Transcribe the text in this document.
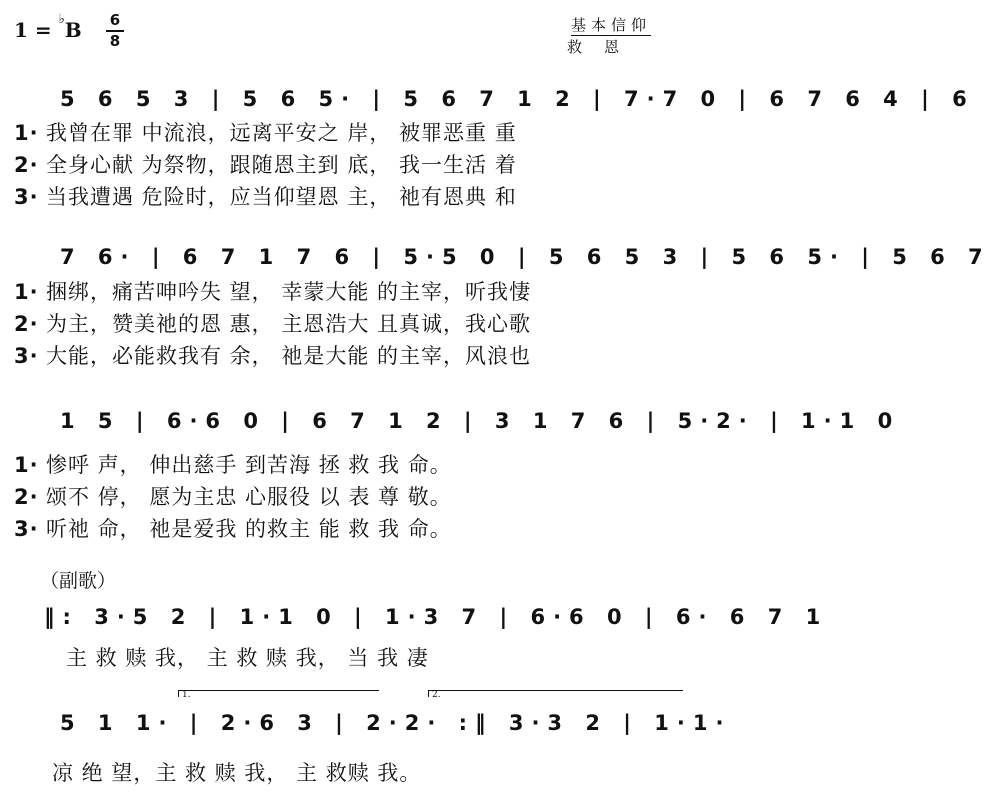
1 = ♭B	6
8
基本信仰
救恩
5 6 5 3 | 5 6 5· | 5 6 7 1 2 | 7·7 0 | 6 7 6 4 | 6
1· 我曾在罪 中流浪，远离平安之 岸， 被罪恶重 重
2· 全身心献 为祭物，跟随恩主到 底， 我一生活 着
3· 当我遭遇 危险时，应当仰望恩 主， 祂有恩典 和
7 6· | 6 7 1 7 6 | 5·5 0 | 5 6 5 3 | 5 6 5· | 5 6 7
1· 捆绑，痛苦呻吟失 望， 幸蒙大能 的主宰，听我悽
2· 为主，赞美祂的恩 惠， 主恩浩大 且真诚，我心歌
3· 大能，必能救我有 余， 祂是大能 的主宰，风浪也
1 5 | 6·6 0 | 6 7 1 2 | 3 1 7 6 | 5·2· | 1·1 0
1· 惨呼 声， 伸出慈手 到苦海 拯 救 我 命。
2· 颂不 停， 愿为主忠 心服役 以 表 尊 敬。
3· 听祂 命， 祂是爱我 的救主 能 救 我 命。
（副歌）
‖: 3·5 2 | 1·1 0 | 1·3 7 | 6·6 0 | 6· 6 7 1
主 救 赎 我， 主 救 赎 我， 当 我 凄
1.	2.
5 1 1· | 2·6 3 | 2·2· :‖ 3·3 2 | 1·1·
凉 绝 望，主 救 赎 我， 主 救赎 我。
